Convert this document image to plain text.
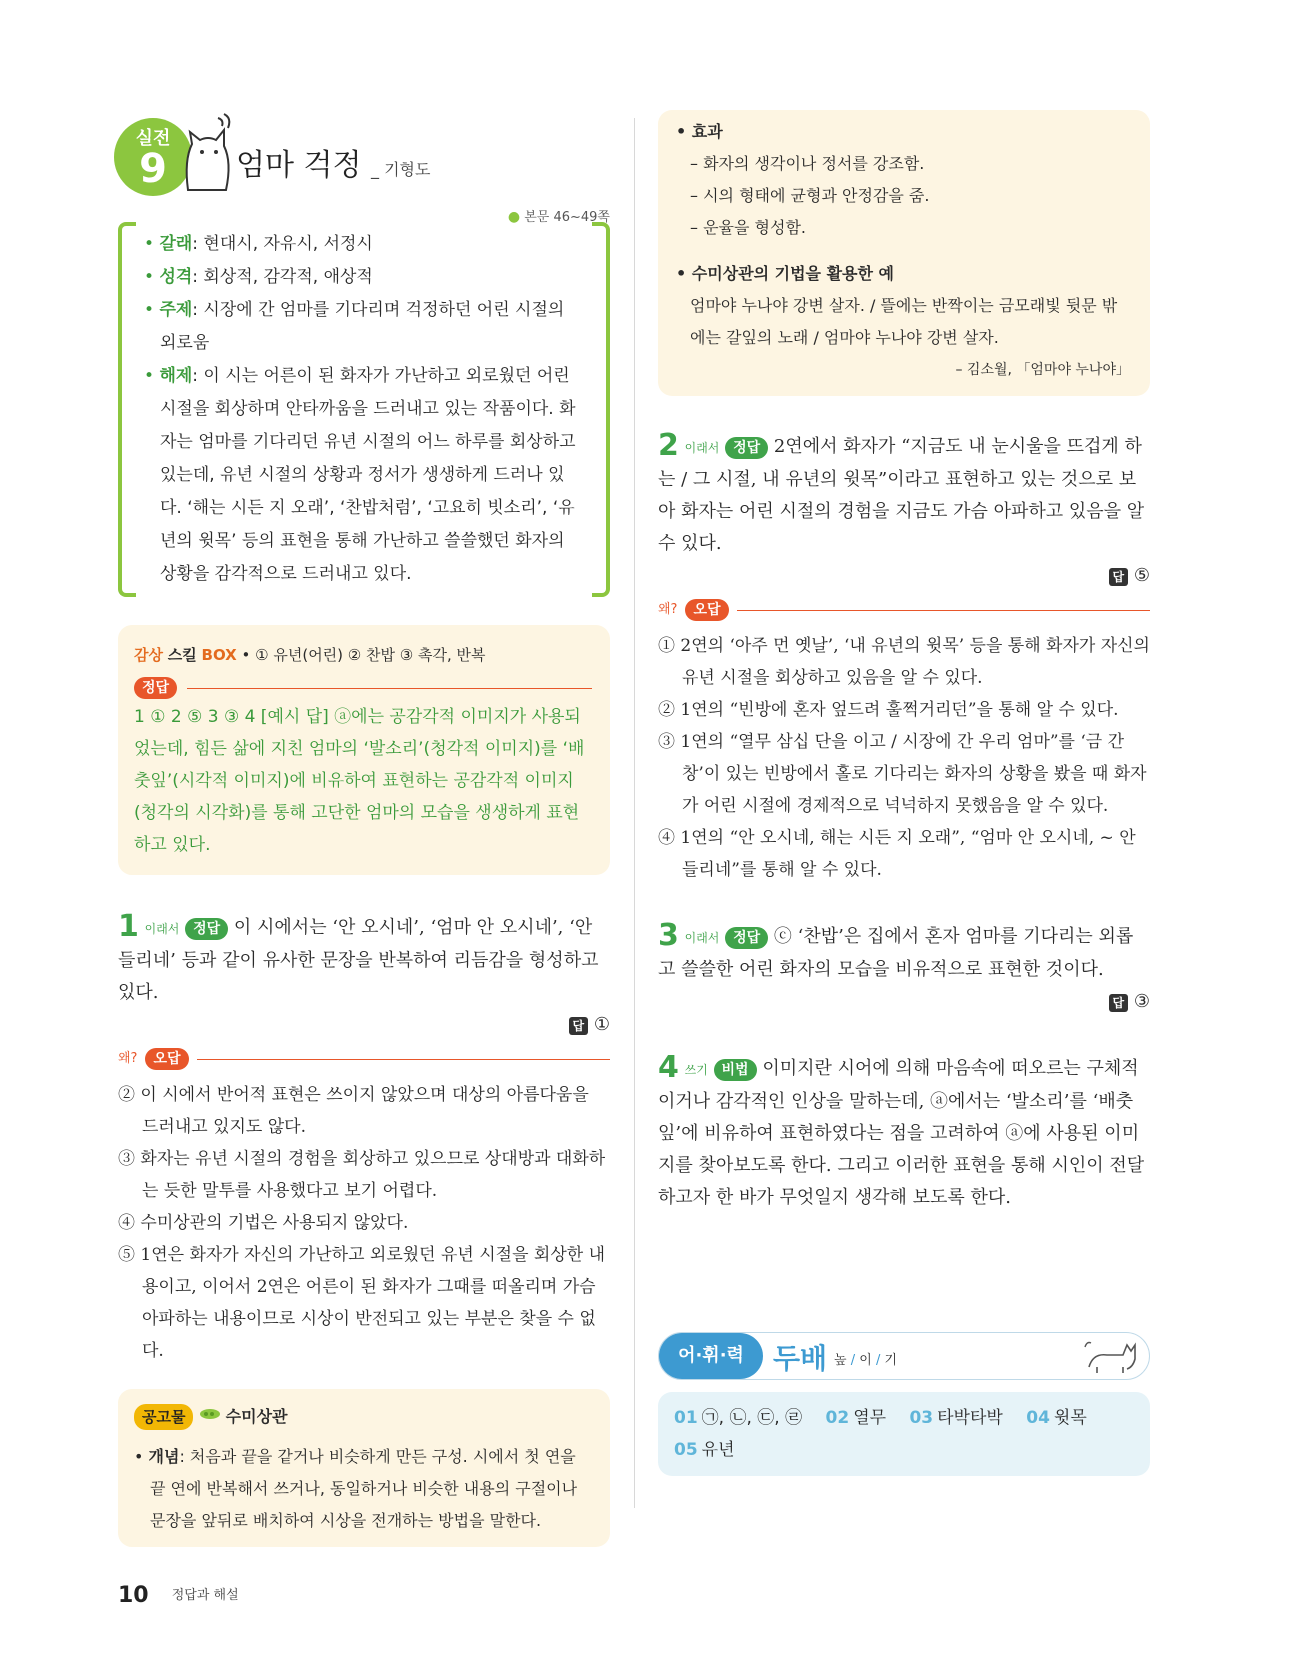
실전
9	엄마 걱정 _ 기형도
● 본문 46~49쪽
• 갈래: 현대시, 자유시, 서정시
• 성격: 회상적, 감각적, 애상적
• 주제: 시장에 간 엄마를 기다리며 걱정하던 어린 시절의 외로움
• 해제: 이 시는 어른이 된 화자가 가난하고 외로웠던 어린 시절을 회상하며 안타까움을 드러내고 있는 작품이다. 화자는 엄마를 기다리던 유년 시절의 어느 하루를 회상하고 있는데, 유년 시절의 상황과 정서가 생생하게 드러나 있다. ‘해는 시든 지 오래’, ‘찬밥처럼’, ‘고요히 빗소리’, ‘유년의 윗목’ 등의 표현을 통해 가난하고 쓸쓸했던 화자의 상황을 감각적으로 드러내고 있다.
감상 스킬 BOX • ① 유년(어린) ② 찬밥 ③ 촉각, 반복
정답
1 ① 2 ⑤ 3 ③ 4 [예시 답] ⓐ에는 공감각적 이미지가 사용되었는데, 힘든 삶에 지친 엄마의 ‘발소리’(청각적 이미지)를 ‘배춧잎’(시각적 이미지)에 비유하여 표현하는 공감각적 이미지(청각의 시각화)를 통해 고단한 엄마의 모습을 생생하게 표현하고 있다.
1 이래서 정답 이 시에서는 ‘안 오시네’, ‘엄마 안 오시네’, ‘안 들리네’ 등과 같이 유사한 문장을 반복하여 리듬감을 형성하고 있다.
답 ①
왜?	오답
② 이 시에서 반어적 표현은 쓰이지 않았으며 대상의 아름다움을 드러내고 있지도 않다.
③ 화자는 유년 시절의 경험을 회상하고 있으므로 상대방과 대화하는 듯한 말투를 사용했다고 보기 어렵다.
④ 수미상관의 기법은 사용되지 않았다.
⑤ 1연은 화자가 자신의 가난하고 외로웠던 유년 시절을 회상한 내용이고, 이어서 2연은 어른이 된 화자가 그때를 떠올리며 가슴 아파하는 내용이므로 시상이 반전되고 있는 부분은 찾을 수 없다.
공고물	수미상관
• 개념: 처음과 끝을 같거나 비슷하게 만든 구성. 시에서 첫 연을 끝 연에 반복해서 쓰거나, 동일하거나 비슷한 내용의 구절이나 문장을 앞뒤로 배치하여 시상을 전개하는 방법을 말한다.
• 효과
– 화자의 생각이나 정서를 강조함.
– 시의 형태에 균형과 안정감을 줌.
– 운율을 형성함.
• 수미상관의 기법을 활용한 예
엄마야 누나야 강변 살자. / 뜰에는 반짝이는 금모래빛 뒷문 밖에는 갈잎의 노래 / 엄마야 누나야 강변 살자.
– 김소월, 「엄마야 누나야」
2 이래서 정답 2연에서 화자가 “지금도 내 눈시울을 뜨겁게 하는 / 그 시절, 내 유년의 윗목”이라고 표현하고 있는 것으로 보아 화자는 어린 시절의 경험을 지금도 가슴 아파하고 있음을 알 수 있다.
답 ⑤
왜?	오답
① 2연의 ‘아주 먼 옛날’, ‘내 유년의 윗목’ 등을 통해 화자가 자신의 유년 시절을 회상하고 있음을 알 수 있다.
② 1연의 “빈방에 혼자 엎드려 훌쩍거리던”을 통해 알 수 있다.
③ 1연의 “열무 삼십 단을 이고 / 시장에 간 우리 엄마”를 ‘금 간 창’이 있는 빈방에서 홀로 기다리는 화자의 상황을 봤을 때 화자가 어린 시절에 경제적으로 넉넉하지 못했음을 알 수 있다.
④ 1연의 “안 오시네, 해는 시든 지 오래”, “엄마 안 오시네, ~ 안 들리네”를 통해 알 수 있다.
3 이래서 정답 ⓒ ‘찬밥’은 집에서 혼자 엄마를 기다리는 외롭고 쓸쓸한 어린 화자의 모습을 비유적으로 표현한 것이다.
답 ③
4 쓰기 비법 이미지란 시어에 의해 마음속에 떠오르는 구체적이거나 감각적인 인상을 말하는데, ⓐ에서는 ‘발소리’를 ‘배춧잎’에 비유하여 표현하였다는 점을 고려하여 ⓐ에 사용된 이미지를 찾아보도록 한다. 그리고 이러한 표현을 통해 시인이 전달하고자 한 바가 무엇일지 생각해 보도록 한다.
어·휘·력	두배 높 / 이 / 기
01 ㉠, ㉡, ㉢, ㉣ 02 열무 03 타박타박 04 윗목 05 유년
10 정답과 해설
